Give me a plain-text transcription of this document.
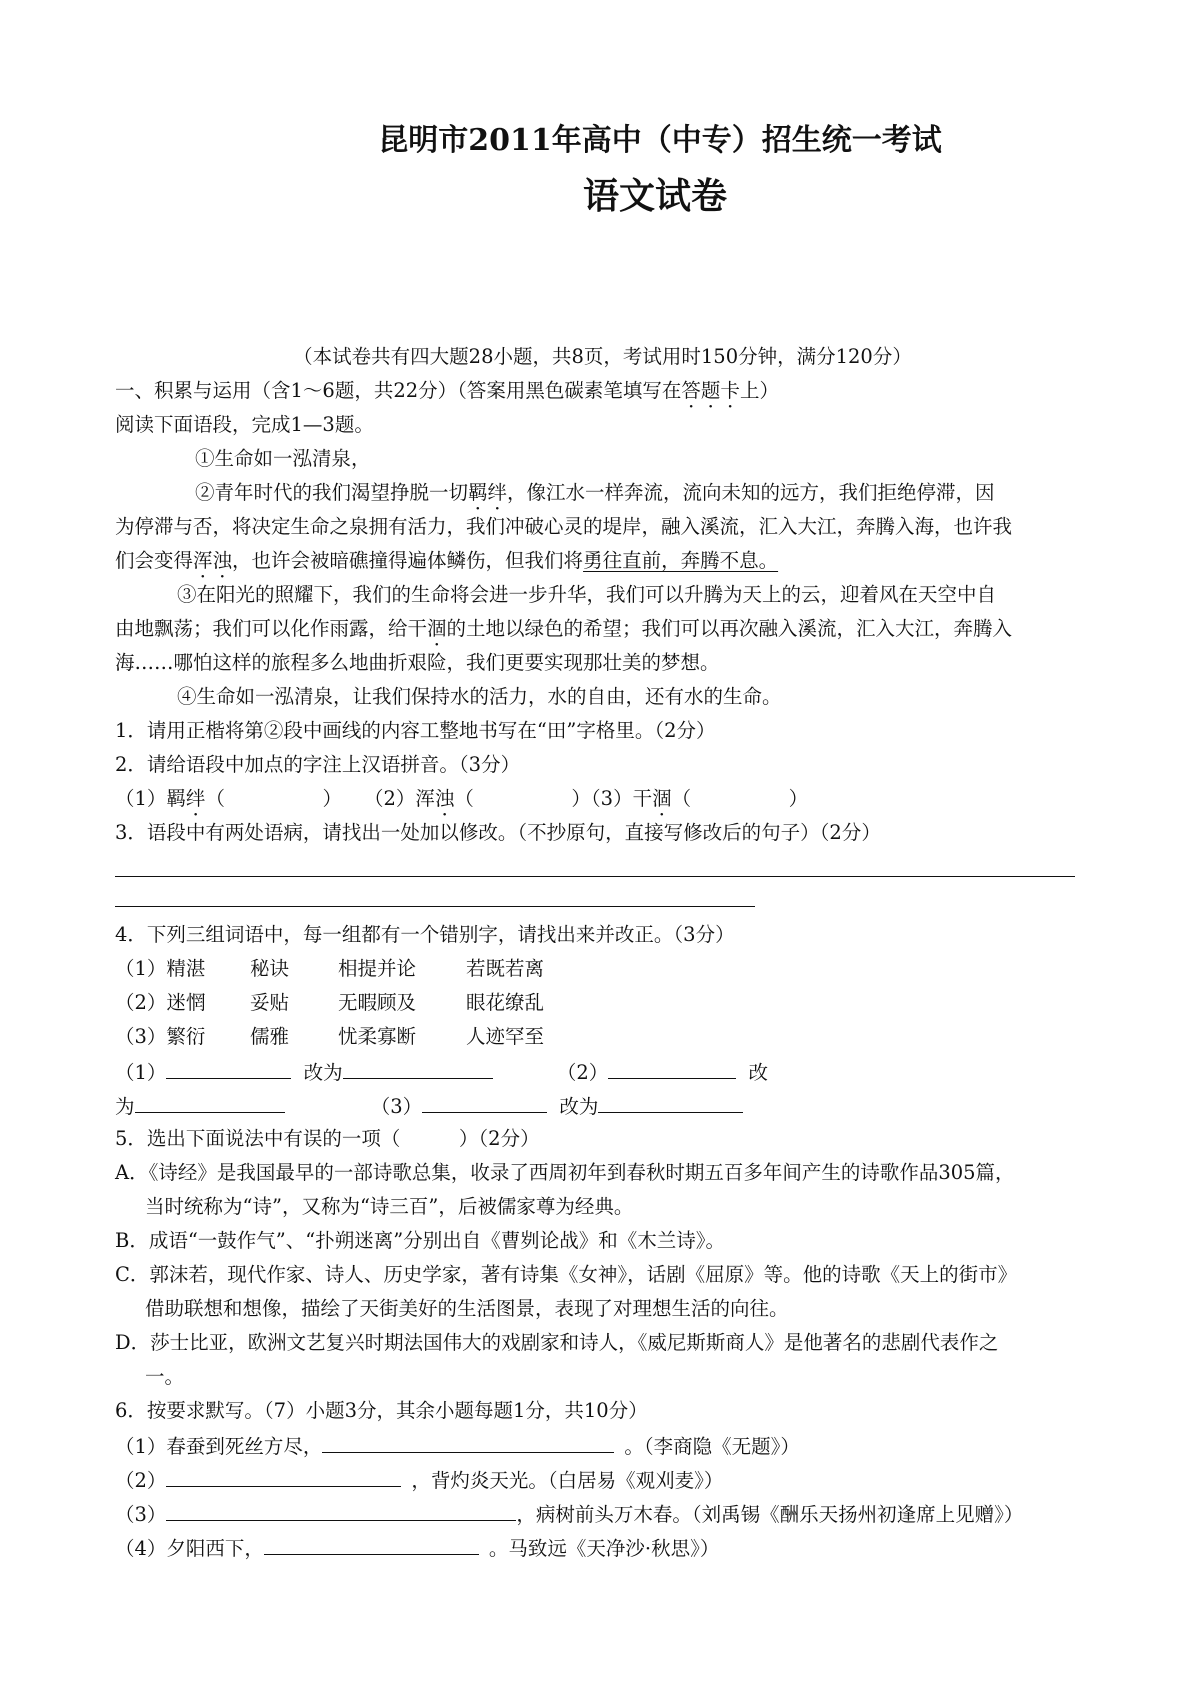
昆明市2011年高中（中专）招生统一考试
语文试卷
（本试卷共有四大题28小题，共8页，考试用时150分钟，满分120分）
一、积累与运用（含1～6题，共22分）（答案用黑色碳素笔填写在答题卡上）
阅读下面语段，完成1—3题。
①生命如一泓清泉，
②青年时代的我们渴望挣脱一切羁绊，像江水一样奔流，流向未知的远方，我们拒绝停滞，因
为停滞与否，将决定生命之泉拥有活力，我们冲破心灵的堤岸，融入溪流，汇入大江，奔腾入海，也许我
们会变得浑浊，也许会被暗礁撞得遍体鳞伤，但我们将勇往直前，奔腾不息。
③在阳光的照耀下，我们的生命将会进一步升华，我们可以升腾为天上的云，迎着风在天空中自
由地飘荡；我们可以化作雨露，给干涸的土地以绿色的希望；我们可以再次融入溪流，汇入大江，奔腾入
海……哪怕这样的旅程多么地曲折艰险，我们更要实现那壮美的梦想。
④生命如一泓清泉，让我们保持水的活力，水的自由，还有水的生命。
1．请用正楷将第②段中画线的内容工整地书写在“田”字格里。（2分）
2．请给语段中加点的字注上汉语拼音。（3分）
（1）羁绊（　　　　　） （2）浑浊（　　　　　）（3）干涸（　　　　　）
3．语段中有两处语病，请找出一处加以修改。（不抄原句，直接写修改后的句子）（2分）
4．下列三组词语中，每一组都有一个错别字，请找出来并改正。（3分）
（1）精湛 秘诀	相提并论	若既若离
（2）迷惘 妥贴	无暇顾及	眼花缭乱
（3）繁衍 儒雅	忧柔寡断	人迹罕至
（1）	改为	（2）	改
为	（3）	改为
5．选出下面说法中有误的一项（　　　）（2分）
A．《诗经》是我国最早的一部诗歌总集，收录了西周初年到春秋时期五百多年间产生的诗歌作品305篇，
当时统称为“诗”，又称为“诗三百”，后被儒家尊为经典。
B．成语“一鼓作气”、“扑朔迷离”分别出自《曹刿论战》和《木兰诗》。
C．郭沫若，现代作家、诗人、历史学家，著有诗集《女神》，话剧《屈原》等。他的诗歌《天上的街市》
借助联想和想像，描绘了天街美好的生活图景，表现了对理想生活的向往。
D．莎士比亚，欧洲文艺复兴时期法国伟大的戏剧家和诗人，《威尼斯斯商人》是他著名的悲剧代表作之
一。
6．按要求默写。（7）小题3分，其余小题每题1分，共10分）
（1）春蚕到死丝方尽，	。（李商隐《无题》）
（2）	，背灼炎天光。（白居易《观刈麦》）
（3）	，病树前头万木春。（刘禹锡《酬乐天扬州初逢席上见赠》）
（4）夕阳西下，	。马致远《天净沙·秋思》）
